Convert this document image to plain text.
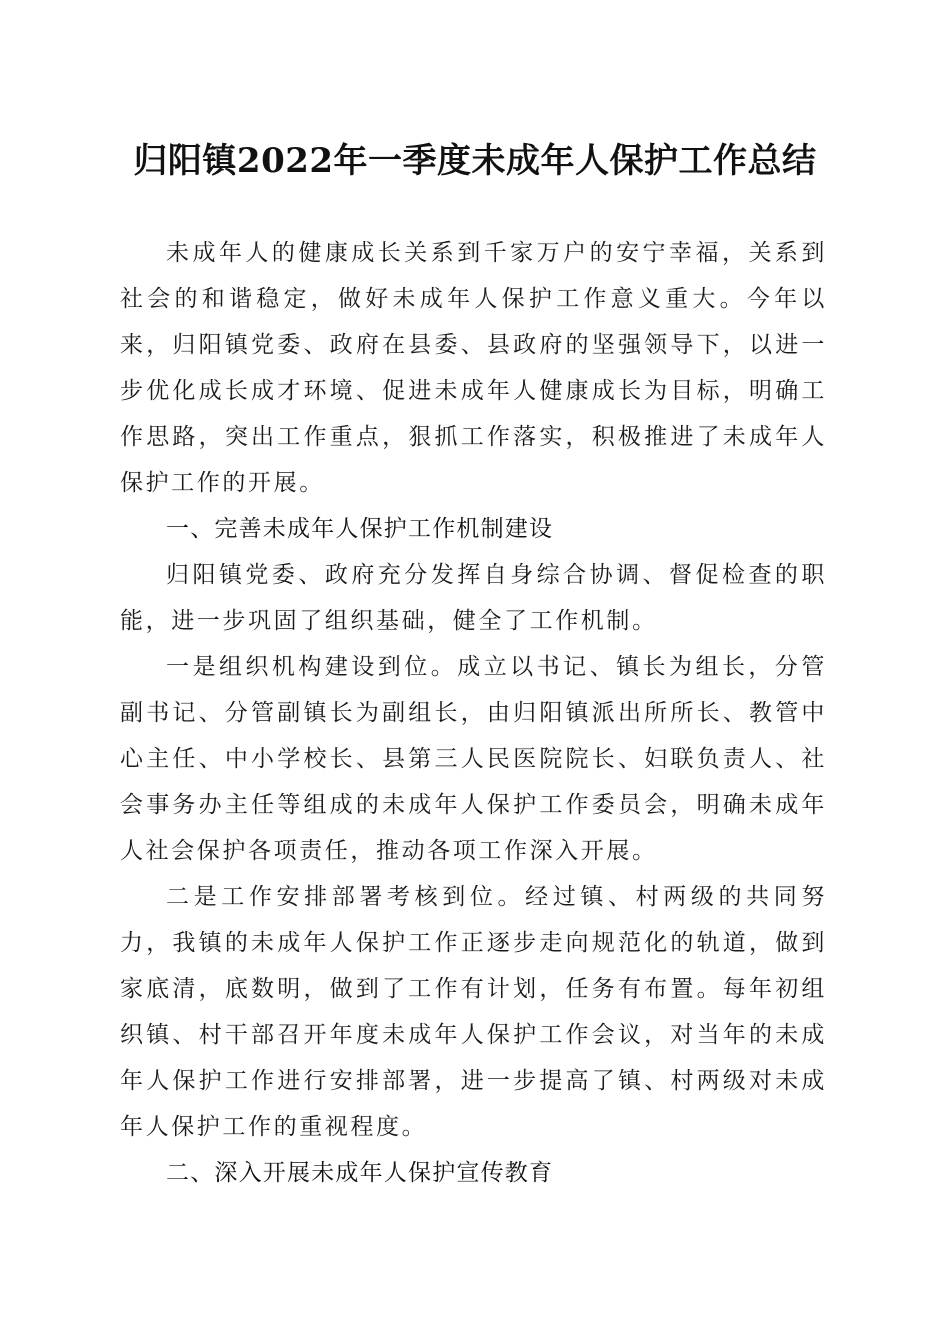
归阳镇2022年一季度未成年人保护工作总结

未成年人的健康成长关系到千家万户的安宁幸福，关系到社会的和谐稳定，做好未成年人保护工作意义重大。今年以来，归阳镇党委、政府在县委、县政府的坚强领导下，以进一步优化成长成才环境、促进未成年人健康成长为目标，明确工作思路，突出工作重点，狠抓工作落实，积极推进了未成年人保护工作的开展。

一、完善未成年人保护工作机制建设

归阳镇党委、政府充分发挥自身综合协调、督促检查的职能，进一步巩固了组织基础，健全了工作机制。

一是组织机构建设到位。成立以书记、镇长为组长，分管副书记、分管副镇长为副组长，由归阳镇派出所所长、教管中心主任、中小学校长、县第三人民医院院长、妇联负责人、社会事务办主任等组成的未成年人保护工作委员会，明确未成年人社会保护各项责任，推动各项工作深入开展。

二是工作安排部署考核到位。经过镇、村两级的共同努力，我镇的未成年人保护工作正逐步走向规范化的轨道，做到家底清，底数明，做到了工作有计划，任务有布置。每年初组织镇、村干部召开年度未成年人保护工作会议，对当年的未成年人保护工作进行安排部署，进一步提高了镇、村两级对未成年人保护工作的重视程度。

二、深入开展未成年人保护宣传教育
